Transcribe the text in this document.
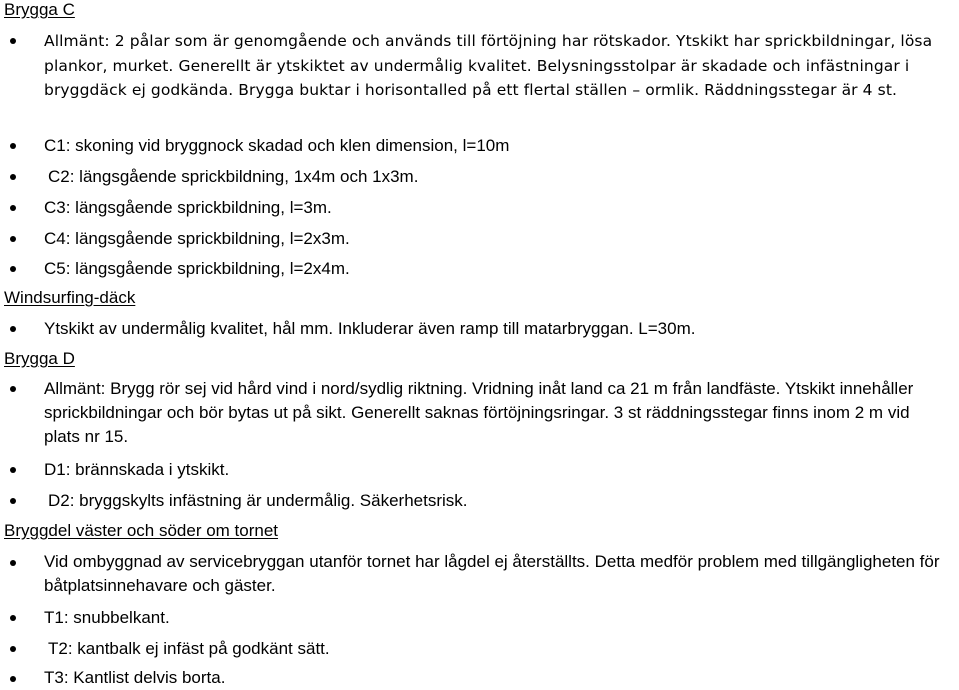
Brygga C
Allmänt: 2 pålar som är genomgående och används till förtöjning har rötskador. Ytskikt har sprickbildningar, lösa plankor, murket. Generellt är ytskiktet av undermålig kvalitet. Belysningsstolpar är skadade och infästningar i bryggdäck ej godkända. Brygga buktar i horisontalled på ett flertal ställen – ormlik. Räddningsstegar är 4 st.
C1: skoning vid bryggnock skadad och klen dimension, l=10m
C2: längsgående sprickbildning, 1x4m och 1x3m.
C3: längsgående sprickbildning, l=3m.
C4: längsgående sprickbildning, l=2x3m.
C5: längsgående sprickbildning, l=2x4m.
Windsurfing-däck
Ytskikt av undermålig kvalitet, hål mm. Inkluderar även ramp till matarbryggan. L=30m.
Brygga D
Allmänt: Brygg rör sej vid hård vind i nord/sydlig riktning. Vridning inåt land ca 21 m från landfäste. Ytskikt innehåller sprickbildningar och bör bytas ut på sikt. Generellt saknas förtöjningsringar. 3 st räddningsstegar finns inom 2 m vid plats nr 15.
D1: brännskada i ytskikt.
D2: bryggskylts infästning är undermålig. Säkerhetsrisk.
Bryggdel väster och söder om tornet
Vid ombyggnad av servicebryggan utanför tornet har lågdel ej återställts. Detta medför problem med tillgängligheten för båtplatsinnehavare och gäster.
T1: snubbelkant.
T2: kantbalk ej infäst på godkänt sätt.
T3: Kantlist delvis borta.
